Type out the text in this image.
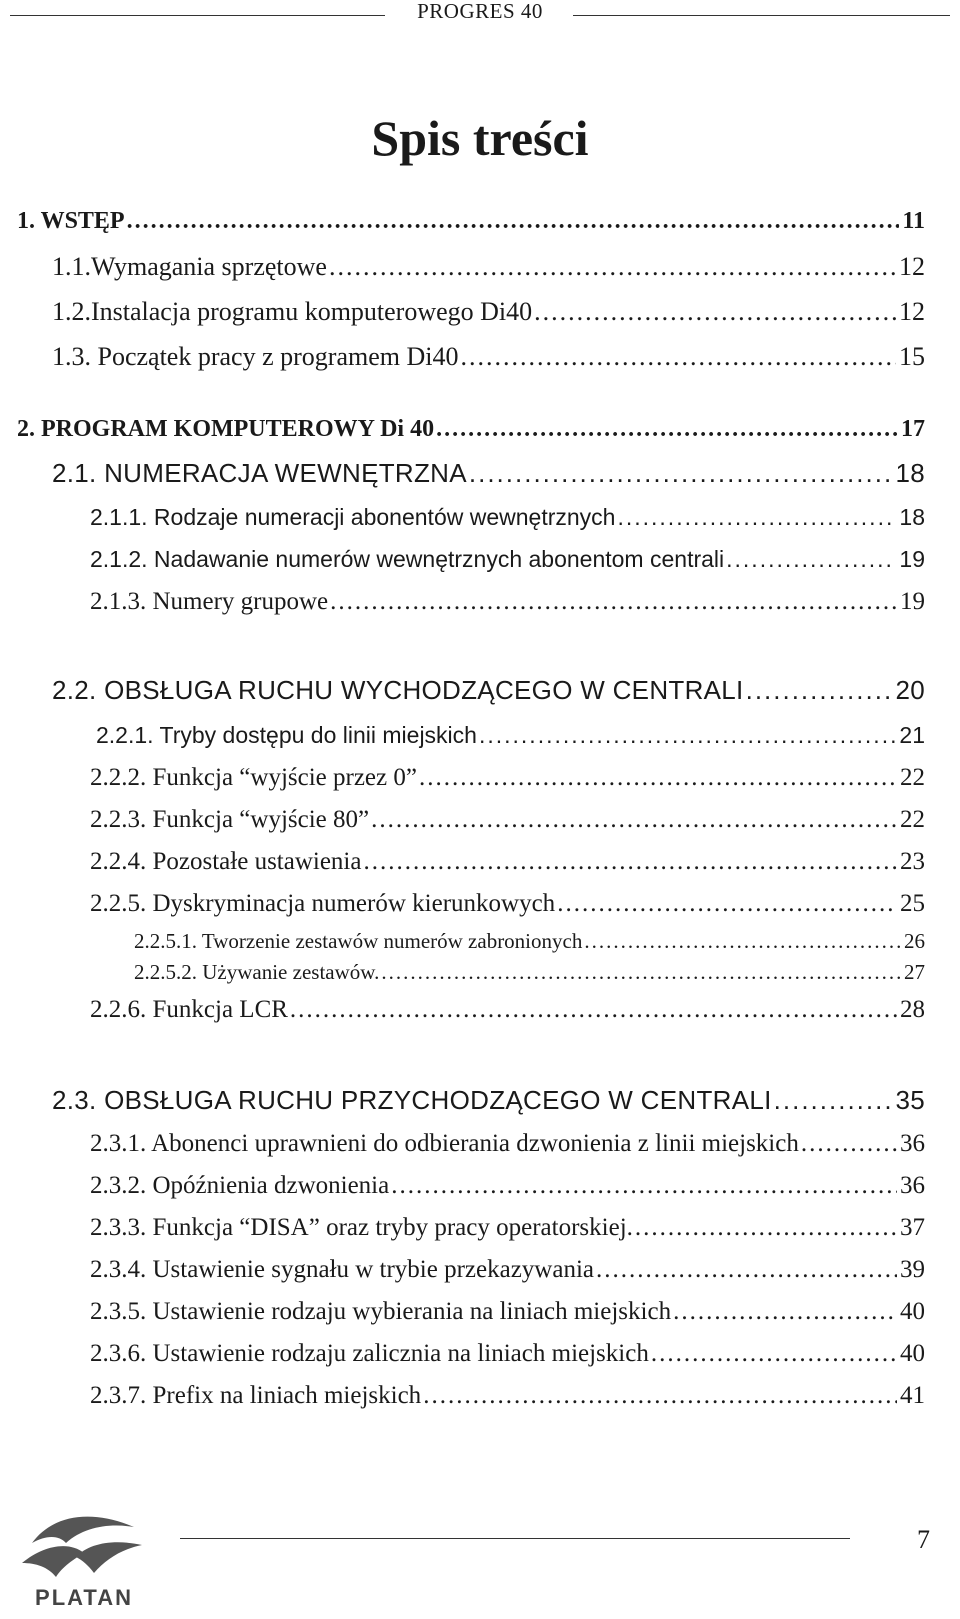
PROGRES 40
Spis treści
1. WSTĘP .....	11
1.1.Wymagania sprzętowe .....	12
1.2.Instalacja programu komputerowego Di40 .....	12
1.3. Początek pracy z programem Di40 .....	15
2. PROGRAM KOMPUTEROWY Di 40 .....	17
2.1. NUMERACJA WEWNĘTRZNA .....	18
2.1.1. Rodzaje numeracji abonentów wewnętrznych .....	18
2.1.2. Nadawanie numerów wewnętrznych abonentom centrali .....	19
2.1.3. Numery grupowe .....	19
2.2. OBSŁUGA RUCHU WYCHODZĄCEGO W CENTRALI .....	20
2.2.1. Tryby dostępu do linii miejskich .....	21
2.2.2. Funkcja “wyjście przez 0” .....	22
2.2.3. Funkcja “wyjście 80” .....	22
2.2.4. Pozostałe ustawienia .....	23
2.2.5. Dyskryminacja numerów kierunkowych .....	25
2.2.5.1. Tworzenie zestawów numerów zabronionych .....	26
2.2.5.2. Używanie zestawów. .....	27
2.2.6. Funkcja LCR .....	28
2.3. OBSŁUGA RUCHU PRZYCHODZĄCEGO W CENTRALI .....	35
2.3.1. Abonenci uprawnieni do odbierania dzwonienia z linii miejskich .....	36
2.3.2. Opóźnienia dzwonienia .....	36
2.3.3. Funkcja “DISA” oraz tryby pracy operatorskiej. .....	37
2.3.4. Ustawienie sygnału w trybie przekazywania .....	39
2.3.5. Ustawienie rodzaju wybierania na liniach miejskich .....	40
2.3.6. Ustawienie rodzaju zalicznia na liniach miejskich .....	40
2.3.7. Prefix na liniach miejskich .....	41
PLATAN
7
